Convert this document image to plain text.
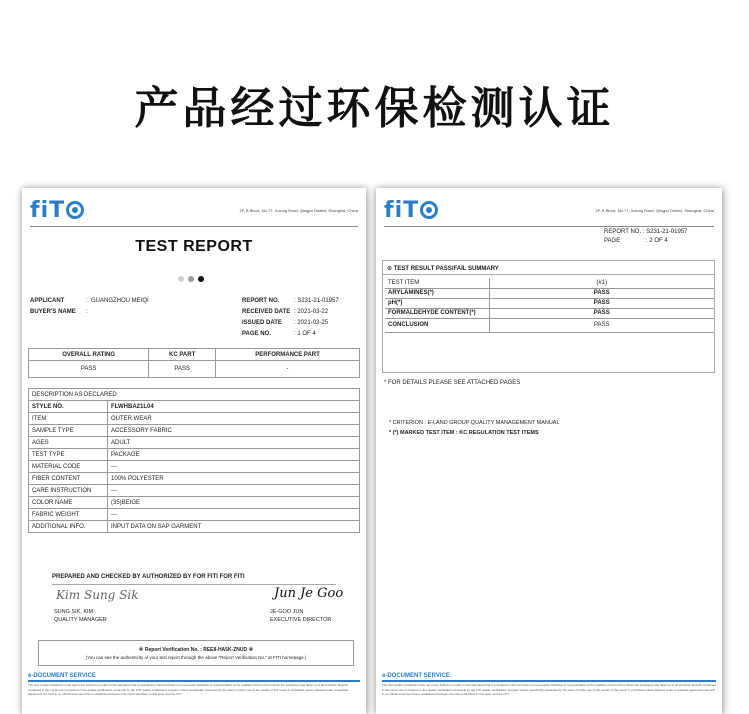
产品经过环保检测认证
fiT	2F, B Block, No.77, Xulong Road, Qingpu District, Shanghai, China
TEST REPORT
APPLICANT	:  GUANGZHOU MEIQI
BUYER'S NAME :
REPORT NO. : S231-21-01957
RECEIVED DATE : 2021-03-22
ISSUED DATE : 2021-03-25
PAGE NO.	: 1 OF 4
OVERALL RATING	KC PART	PERFORMANCE PART
PASS	PASS	-
DESCRIPTION AS DECLARED	
STYLE NO.	FLWHBA21L04
ITEM	OUTER WEAR
SAMPLE TYPE	ACCESSORY FABRIC
AGES	ADULT
TEST TYPE	PACKAGE
MATERIAL CODE	---
FIBER CONTENT	100% POLYESTER
CARE INSTRUCTION	---
COLOR NAME	(35)BEIGE
FABRIC WEIGHT	---
ADDITIONAL INFO.	INPUT DATA ON SAP GARMENT
PREPARED AND CHECKED BY AUTHORIZED BY FOR FITI FOR FITI
Kim Sung Sik
SUNG SIK, KIM
QUALITY MANAGER
Jun Je Goo
JE-GOO JUN
EXECUTIVE DIRECTOR
※ Report Verification No. : REE8-HA5K-ZNUD ※
(You can see the authenticity of your test report through the above "Report Verification No." at FITI homepage.)
e-DOCUMENT SERVICE
The test results contained in this report are limited to results on the sample(s) that is provided by client and are not necessarily indicative or representative of the qualities of the lot from which the sample(s) was taken or of all products. Results contained in this report are not based on the quality certification of sample by the FITI quality certification program unless specifically requested by the client. Further use of the results of this report is prohibited unless allowed under a separate agreement set forth in an official document that is established between the client identified on this letter and the FITI.
fiT	2F, B Block, No.77, Xulong Road, Qingpu District, Shanghai, China
REPORT NO. : S231-21-01957
PAGE	: 2 OF 4
⊙ TEST RESULT PASS/FAIL SUMMARY
TEST ITEM	(#1)
ARYLAMINES(*)	PASS
pH(*)	PASS
FORMALDEHYDE CONTENT(*)	PASS
CONCLUSION	PASS
* CRITERION : E-LAND GROUP QUALITY MANAGEMENT MANUAL
* (*) MARKED TEST ITEM : KC REGULATION TEST ITEMS
* FOR DETAILS PLEASE SEE ATTACHED PAGES
e-DOCUMENT SERVICE
The test results contained in this report are limited to results on the sample(s) that is provided by client and are not necessarily indicative or representative of the qualities of the lot from which the sample(s) was taken or of all products. Results contained in this report are not based on the quality certification of sample by the FITI quality certification program unless specifically requested by the client. Further use of the results of this report is prohibited unless allowed under a separate agreement set forth in an official document that is established between the client identified on this letter and the FITI.
